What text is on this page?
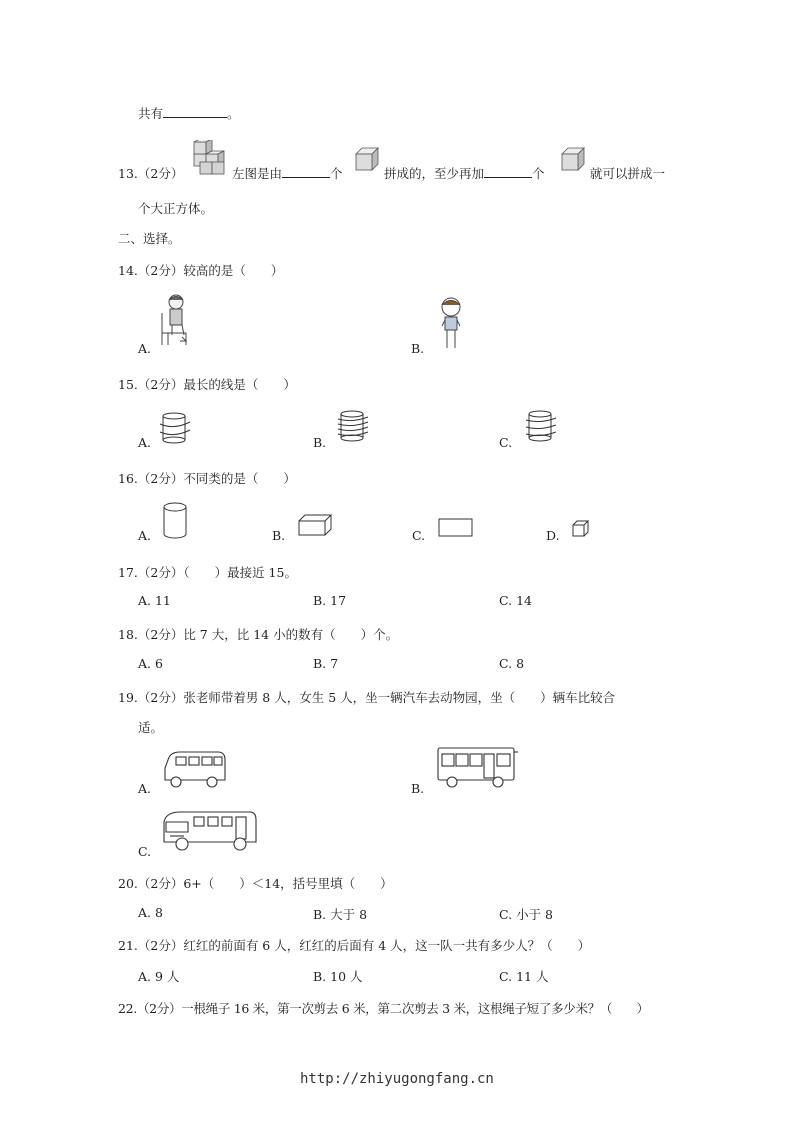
共有	。
13.（2分）	左图是由	个	拼成的，至少再加	个	就可以拼成一
个大正方体。
二、选择。
14.（2分）较高的是（　　）
A.	B.
15.（2分）最长的线是（　　）
A.	B.	C.
16.（2分）不同类的是（　　）
A.	B.	C.	D.
17.（2分）（　　）最接近 15。
A. 11	B. 17	C. 14
18.（2分）比 7 大，比 14 小的数有（　　）个。
A. 6	B. 7	C. 8
19.（2分）张老师带着男 8 人，女生 5 人，坐一辆汽车去动物园，坐（　　）辆车比较合
适。
A.	B.
C.
20.（2分）6+（　　）＜14，括号里填（　　）
A. 8	B. 大于 8	C. 小于 8
21.（2分）红红的前面有 6 人，红红的后面有 4 人，这一队一共有多少人？（　　）
A. 9 人	B. 10 人	C. 11 人
22.（2分）一根绳子 16 米，第一次剪去 6 米，第二次剪去 3 米，这根绳子短了多少米？（　　）
http://zhiyugongfang.cn
